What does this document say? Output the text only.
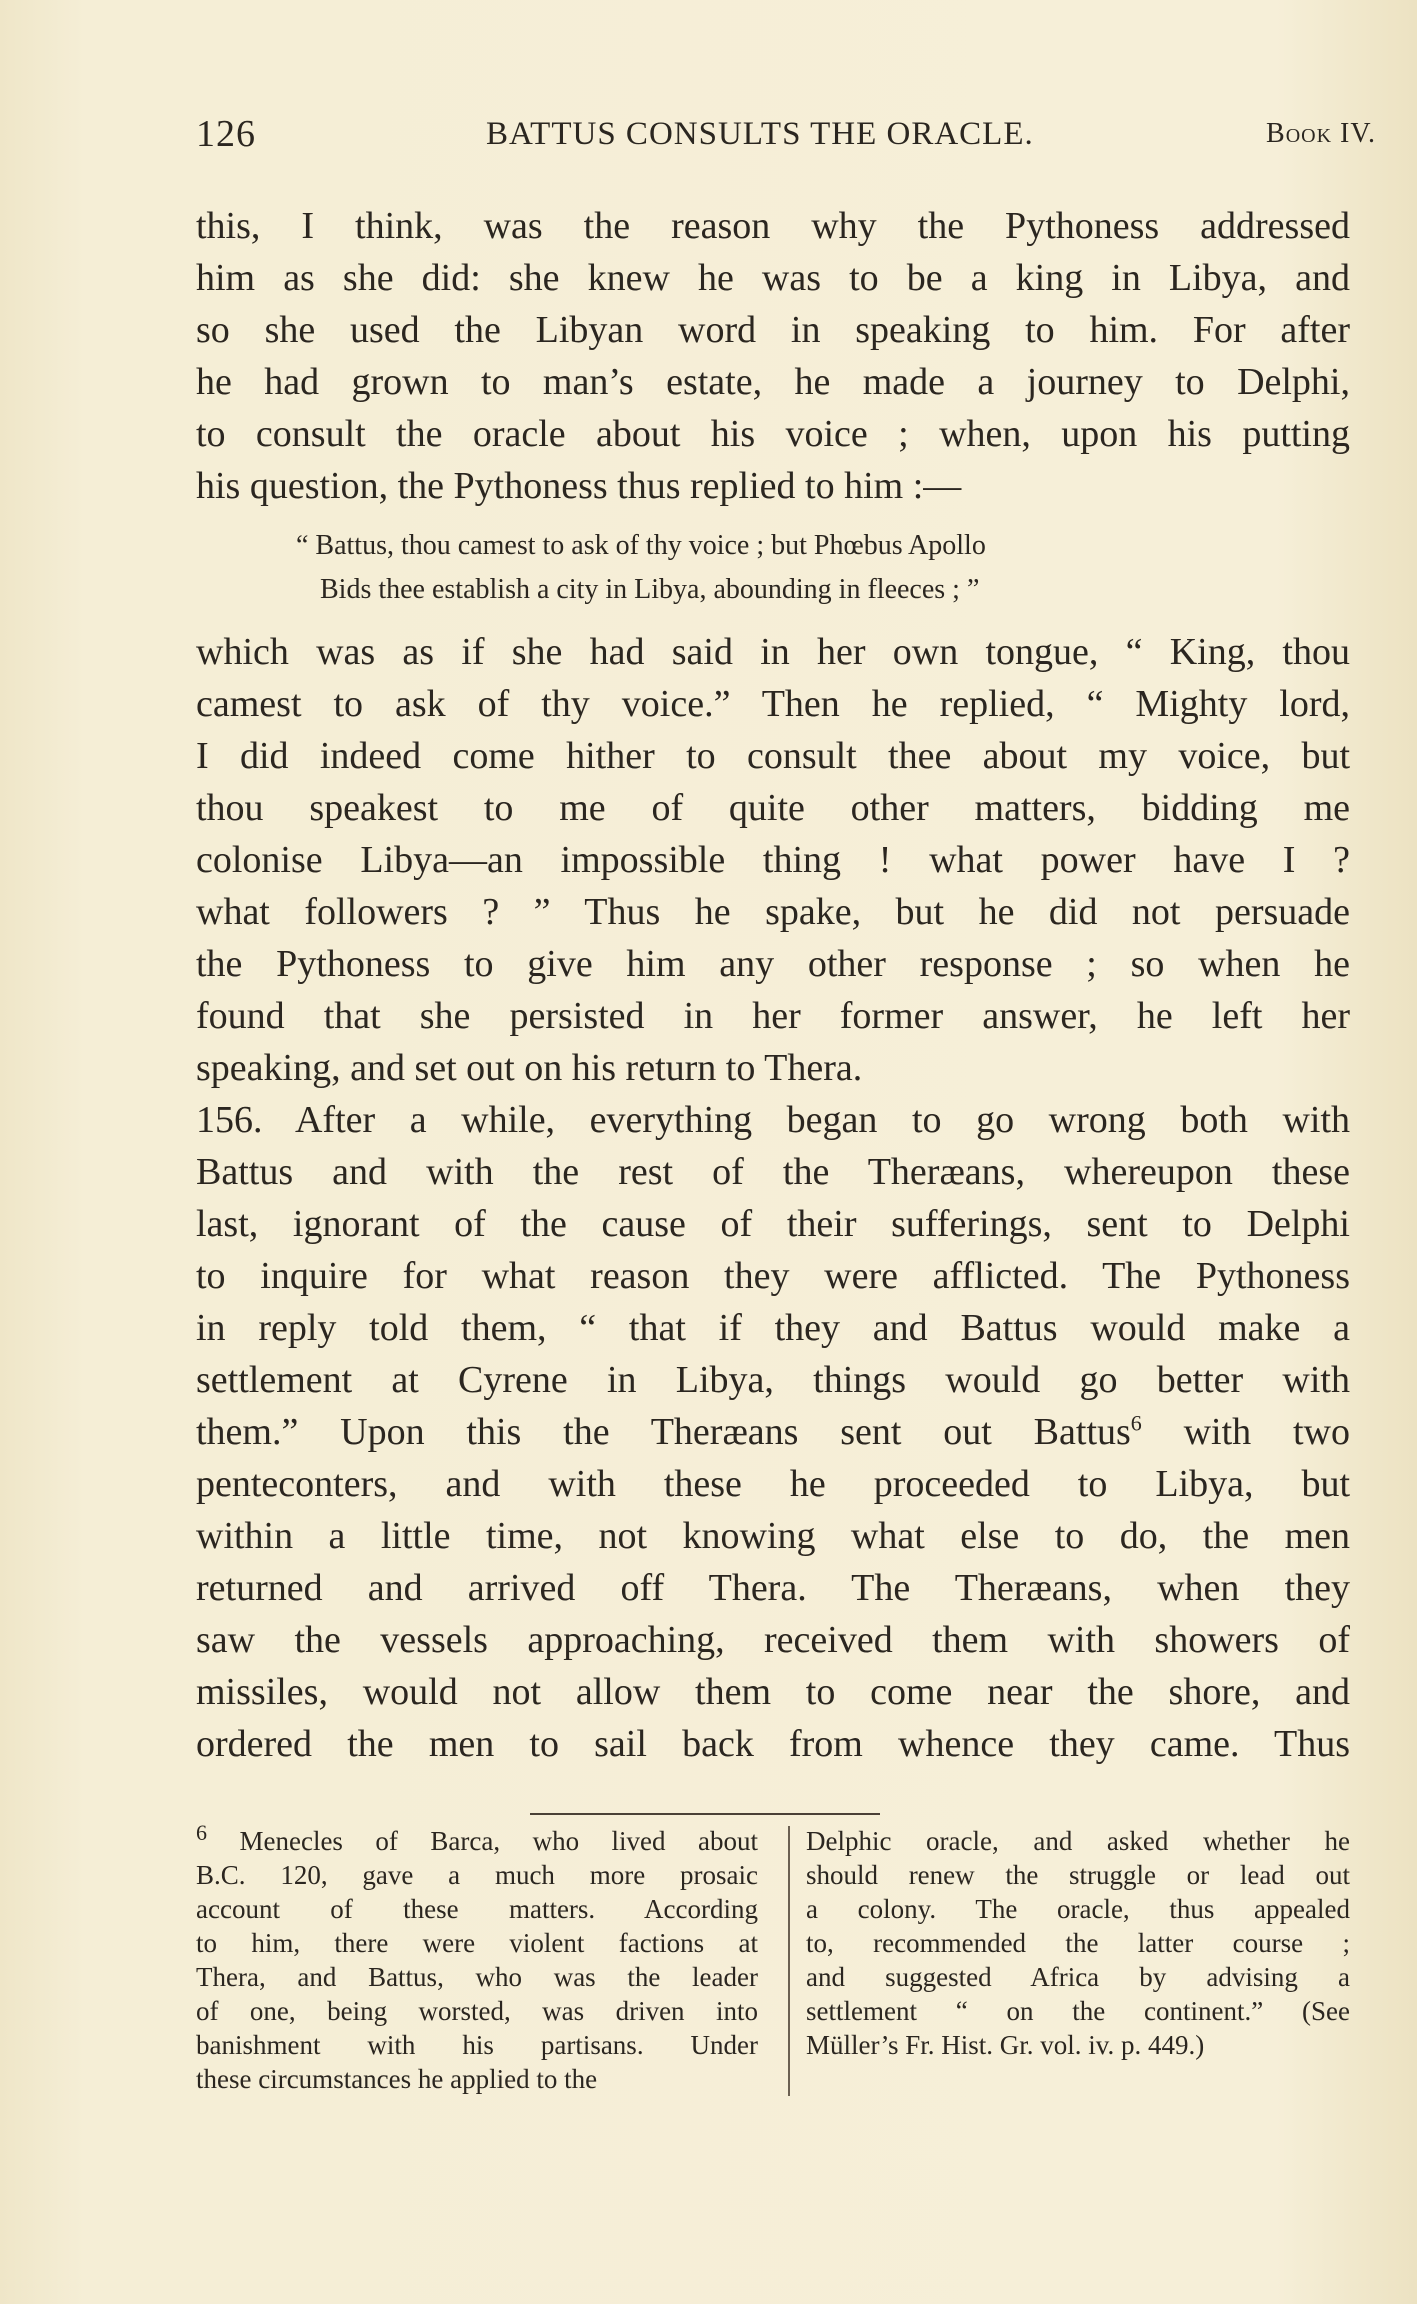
126	BATTUS CONSULTS THE ORACLE.	Book IV.
this, I think, was the reason why the Pythoness addressed
him as she did: she knew he was to be a king in Libya, and
so she used the Libyan word in speaking to him. For after
he had grown to man’s estate, he made a journey to Delphi,
to consult the oracle about his voice ; when, upon his putting
his question, the Pythoness thus replied to him :—
“ Battus, thou camest to ask of thy voice ; but Phœbus Apollo
Bids thee establish a city in Libya, abounding in fleeces ; ”
which was as if she had said in her own tongue, “ King, thou
camest to ask of thy voice.” Then he replied, “ Mighty lord,
I did indeed come hither to consult thee about my voice, but
thou speakest to me of quite other matters, bidding me
colonise Libya—an impossible thing ! what power have I ?
what followers ? ” Thus he spake, but he did not persuade
the Pythoness to give him any other response ; so when he
found that she persisted in her former answer, he left her
speaking, and set out on his return to Thera.
156. After a while, everything began to go wrong both with
Battus and with the rest of the Theræans, whereupon these
last, ignorant of the cause of their sufferings, sent to Delphi
to inquire for what reason they were afflicted. The Pythoness
in reply told them, “ that if they and Battus would make a
settlement at Cyrene in Libya, things would go better with
them.” Upon this the Theræans sent out Battus$^6$ with two
penteconters, and with these he proceeded to Libya, but
within a little time, not knowing what else to do, the men
returned and arrived off Thera. The Theræans, when they
saw the vessels approaching, received them with showers of
missiles, would not allow them to come near the shore, and
ordered the men to sail back from whence they came. Thus
$^6$ Menecles of Barca, who lived about
B.C. 120, gave a much more prosaic
account of these matters. According
to him, there were violent factions at
Thera, and Battus, who was the leader
of one, being worsted, was driven into
banishment with his partisans. Under
these circumstances he applied to the
Delphic oracle, and asked whether he
should renew the struggle or lead out
a colony. The oracle, thus appealed
to, recommended the latter course ;
and suggested Africa by advising a
settlement “ on the continent.” (See
Müller’s Fr. Hist. Gr. vol. iv. p. 449.)
